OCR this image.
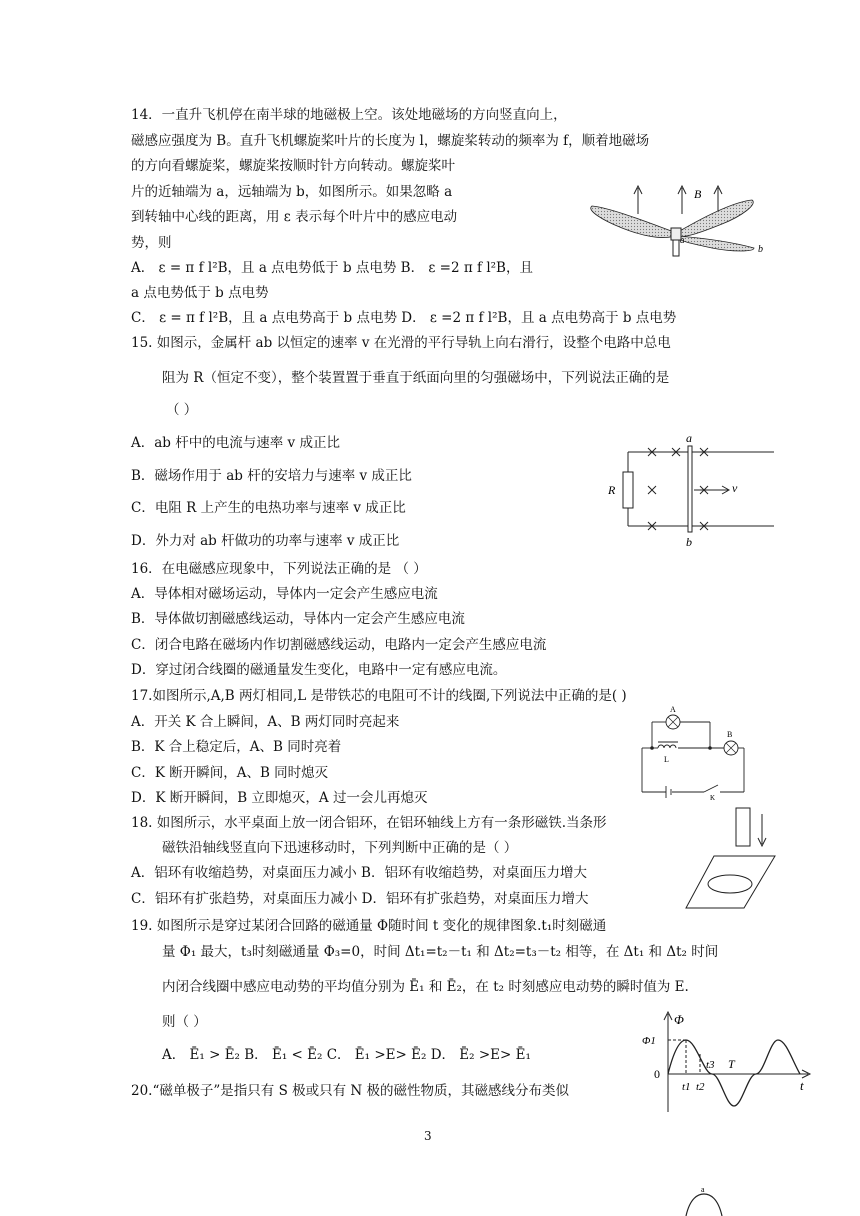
14．一直升飞机停在南半球的地磁极上空。该处地磁场的方向竖直向上，
磁感应强度为 B。直升飞机螺旋桨叶片的长度为 l，螺旋桨转动的频率为 f，顺着地磁场
的方向看螺旋桨，螺旋桨按顺时针方向转动。螺旋桨叶
片的近轴端为 a，远轴端为 b，如图所示。如果忽略 a
到转轴中心线的距离，用 ε 表示每个叶片中的感应电动
势，则
A． ε = π f l²B，且 a 点电势低于 b 点电势 B． ε =2 π f l²B，且
a 点电势低于 b 点电势
C． ε = π f l²B，且 a 点电势高于 b 点电势 D． ε =2 π f l²B，且 a 点电势高于 b 点电势
B
a
b
15. 如图示，金属杆 ab 以恒定的速率 v 在光滑的平行导轨上向右滑行，设整个电路中总电
阻为 R（恒定不变），整个装置置于垂直于纸面向里的匀强磁场中，下列说法正确的是
（ ）
A．ab 杆中的电流与速率 v 成正比
B．磁场作用于 ab 杆的安培力与速率 v 成正比
C．电阻 R 上产生的电热功率与速率 v 成正比
D．外力对 ab 杆做功的功率与速率 v 成正比
R
a
b
v
16．在电磁感应现象中，下列说法正确的是 （ ）
A．导体相对磁场运动，导体内一定会产生感应电流
B．导体做切割磁感线运动，导体内一定会产生感应电流
C．闭合电路在磁场内作切割磁感线运动，电路内一定会产生感应电流
D．穿过闭合线圈的磁通量发生变化，电路中一定有感应电流。
17.如图所示,A,B 两灯相同,L 是带铁芯的电阻可不计的线圈,下列说法中正确的是( )
A．开关 K 合上瞬间，A、B 两灯同时亮起来
B．K 合上稳定后，A、B 同时亮着
C．K 断开瞬间，A、B 同时熄灭
D．K 断开瞬间，B 立即熄灭，A 过一会儿再熄灭
A
B
L
K
18. 如图所示，水平桌面上放一闭合铝环，在铝环轴线上方有一条形磁铁.当条形
磁铁沿轴线竖直向下迅速移动时，下列判断中正确的是（ ）
A．铝环有收缩趋势，对桌面压力减小 B．铝环有收缩趋势，对桌面压力增大
C．铝环有扩张趋势，对桌面压力减小 D．铝环有扩张趋势，对桌面压力增大
19. 如图所示是穿过某闭合回路的磁通量 Φ随时间 t 变化的规律图象.t₁时刻磁通
量 Φ₁ 最大，t₃时刻磁通量 Φ₃=0，时间 Δt₁=t₂－t₁ 和 Δt₂=t₃－t₂ 相等，在 Δt₁ 和 Δt₂ 时间
内闭合线圈中感应电动势的平均值分别为 Ē₁ 和 Ē₂，在 t₂ 时刻感应电动势的瞬时值为 E.
则（ ）
A． Ē₁ > Ē₂ B． Ē₁ < Ē₂ C． Ē₁ >E> Ē₂ D． Ē₂ >E> Ē₁
Φ
Φ1
0
t1 t2
t3 T
t
20.“磁单极子”是指只有 S 极或只有 N 极的磁性物质，其磁感线分布类似
3
a
